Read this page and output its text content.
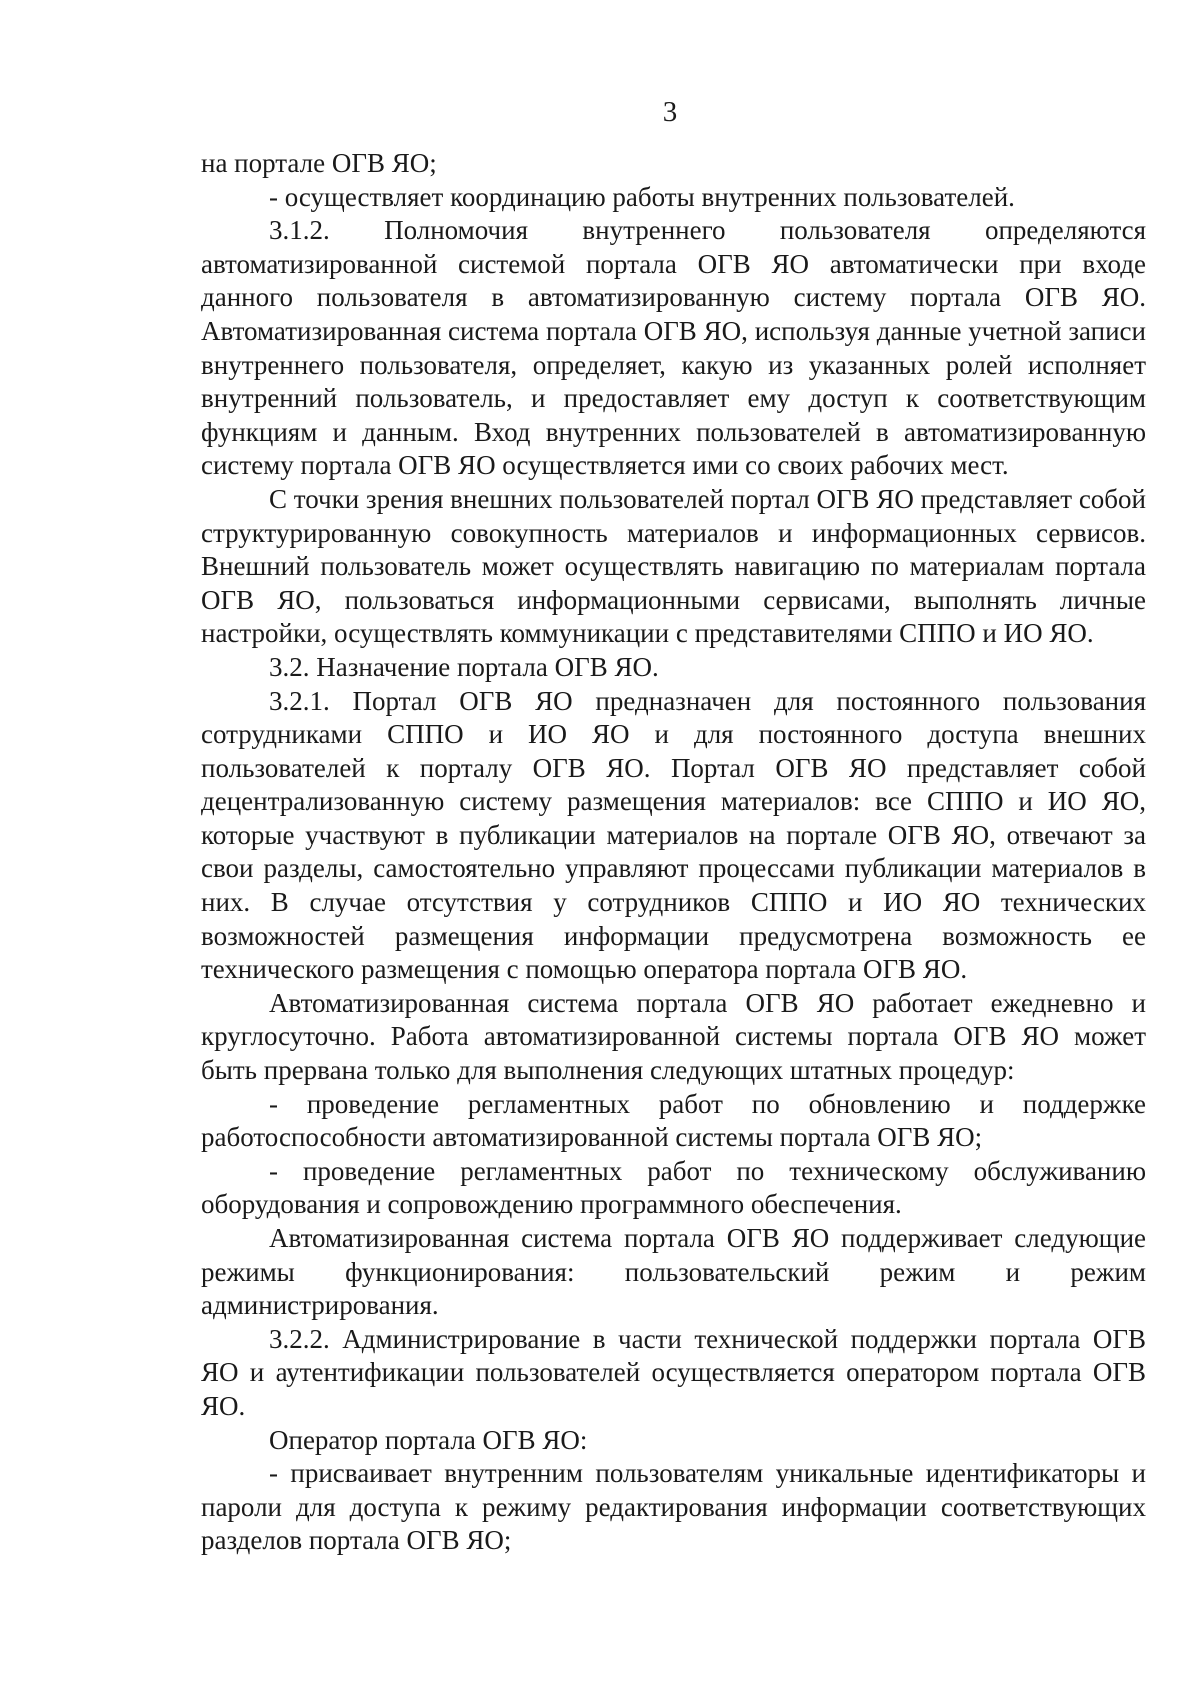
3

на портале ОГВ ЯО;

- осуществляет координацию работы внутренних пользователей.

3.1.2. Полномочия внутреннего пользователя определяются автоматизированной системой портала ОГВ ЯО автоматически при входе данного пользователя в автоматизированную систему портала ОГВ ЯО. Автоматизированная система портала ОГВ ЯО, используя данные учетной записи внутреннего пользователя, определяет, какую из указанных ролей исполняет внутренний пользователь, и предоставляет ему доступ к соответствующим функциям и данным. Вход внутренних пользователей в автоматизированную систему портала ОГВ ЯО осуществляется ими со своих рабочих мест.

С точки зрения внешних пользователей портал ОГВ ЯО представляет собой структурированную совокупность материалов и информационных сервисов. Внешний пользователь может осуществлять навигацию по материалам портала ОГВ ЯО, пользоваться информационными сервисами, выполнять личные настройки, осуществлять коммуникации с представителями СППО и ИО ЯО.

3.2. Назначение портала ОГВ ЯО.

3.2.1. Портал ОГВ ЯО предназначен для постоянного пользования сотрудниками СППО и ИО ЯО и для постоянного доступа внешних пользователей к порталу ОГВ ЯО. Портал ОГВ ЯО представляет собой децентрализованную систему размещения материалов: все СППО и ИО ЯО, которые участвуют в публикации материалов на портале ОГВ ЯО, отвечают за свои разделы, самостоятельно управляют процессами публикации материалов в них. В случае отсутствия у сотрудников СППО и ИО ЯО технических возможностей размещения информации предусмотрена возможность ее технического размещения с помощью оператора портала ОГВ ЯО.

Автоматизированная система портала ОГВ ЯО работает ежедневно и круглосуточно. Работа автоматизированной системы портала ОГВ ЯО может быть прервана только для выполнения следующих штатных процедур:

- проведение регламентных работ по обновлению и поддержке работоспособности автоматизированной системы портала ОГВ ЯО;

- проведение регламентных работ по техническому обслуживанию оборудования и сопровождению программного обеспечения.

Автоматизированная система портала ОГВ ЯО поддерживает следующие режимы функционирования: пользовательский режим и режим администрирования.

3.2.2. Администрирование в части технической поддержки портала ОГВ ЯО и аутентификации пользователей осуществляется оператором портала ОГВ ЯО.

Оператор портала ОГВ ЯО:

- присваивает внутренним пользователям уникальные идентификаторы и пароли для доступа к режиму редактирования информации соответствующих разделов портала ОГВ ЯО;
